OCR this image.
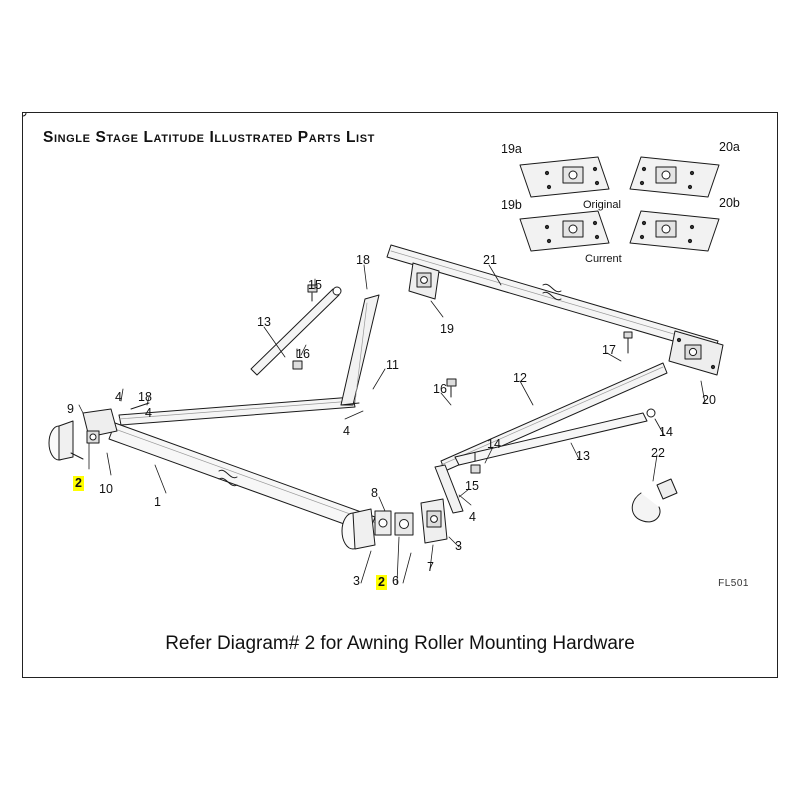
Single Stage Latitude Illustrated Parts List
Original
Current
19a	20a
19b	20b
1
2
2
3
3
4
4
4
4
6
7
8
9
10
11
12
13
13
14
14
15
15
16
16
17
18
18
19
20
21
22
FL501
Refer Diagram# 2 for Awning Roller Mounting Hardware
